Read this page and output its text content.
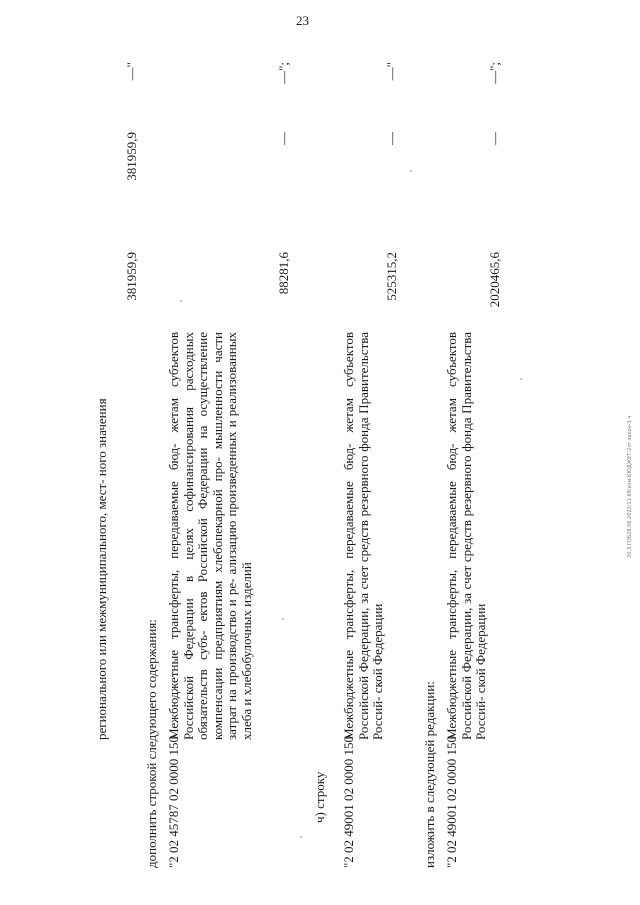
23
регионального или межмуниципального, мест- ного значения
381959,9
381959,9
—"
дополнить строкой следующего содержания: "2 02 45787 02 0000 150
Межбюджетные трансферты, передаваемые бюд- жетам субъектов Российской Федерации в целях софинансирования расходных обязательств субъ- ектов Российской Федерации на осуществление компенсации предприятиям хлебопекарной про- мышленности части затрат на производство и ре- ализацию произведенных и реализованных хлеба и хлебобулочных изделий
88281,6
—
—";
ч) строку "2 02 49001 02 0000 150
Межбюджетные трансферты, передаваемые бюд- жетам субъектов Российской Федерации, за счет средств резервного фонда Правительства Россий- ской Федерации
525315,2
—
—"
изложить в следующей редакции: "2 02 49001 02 0000 150
Межбюджетные трансферты, передаваемые бюд- жетам субъектов Российской Федерации, за счет средств резервного фонда Правительства Россий- ской Федерации
2020465,6
—
—";
20.3.ГОБ28.06.2022/11:69/изм-БЮДЖЕТ-2зт-закон-1 ч
